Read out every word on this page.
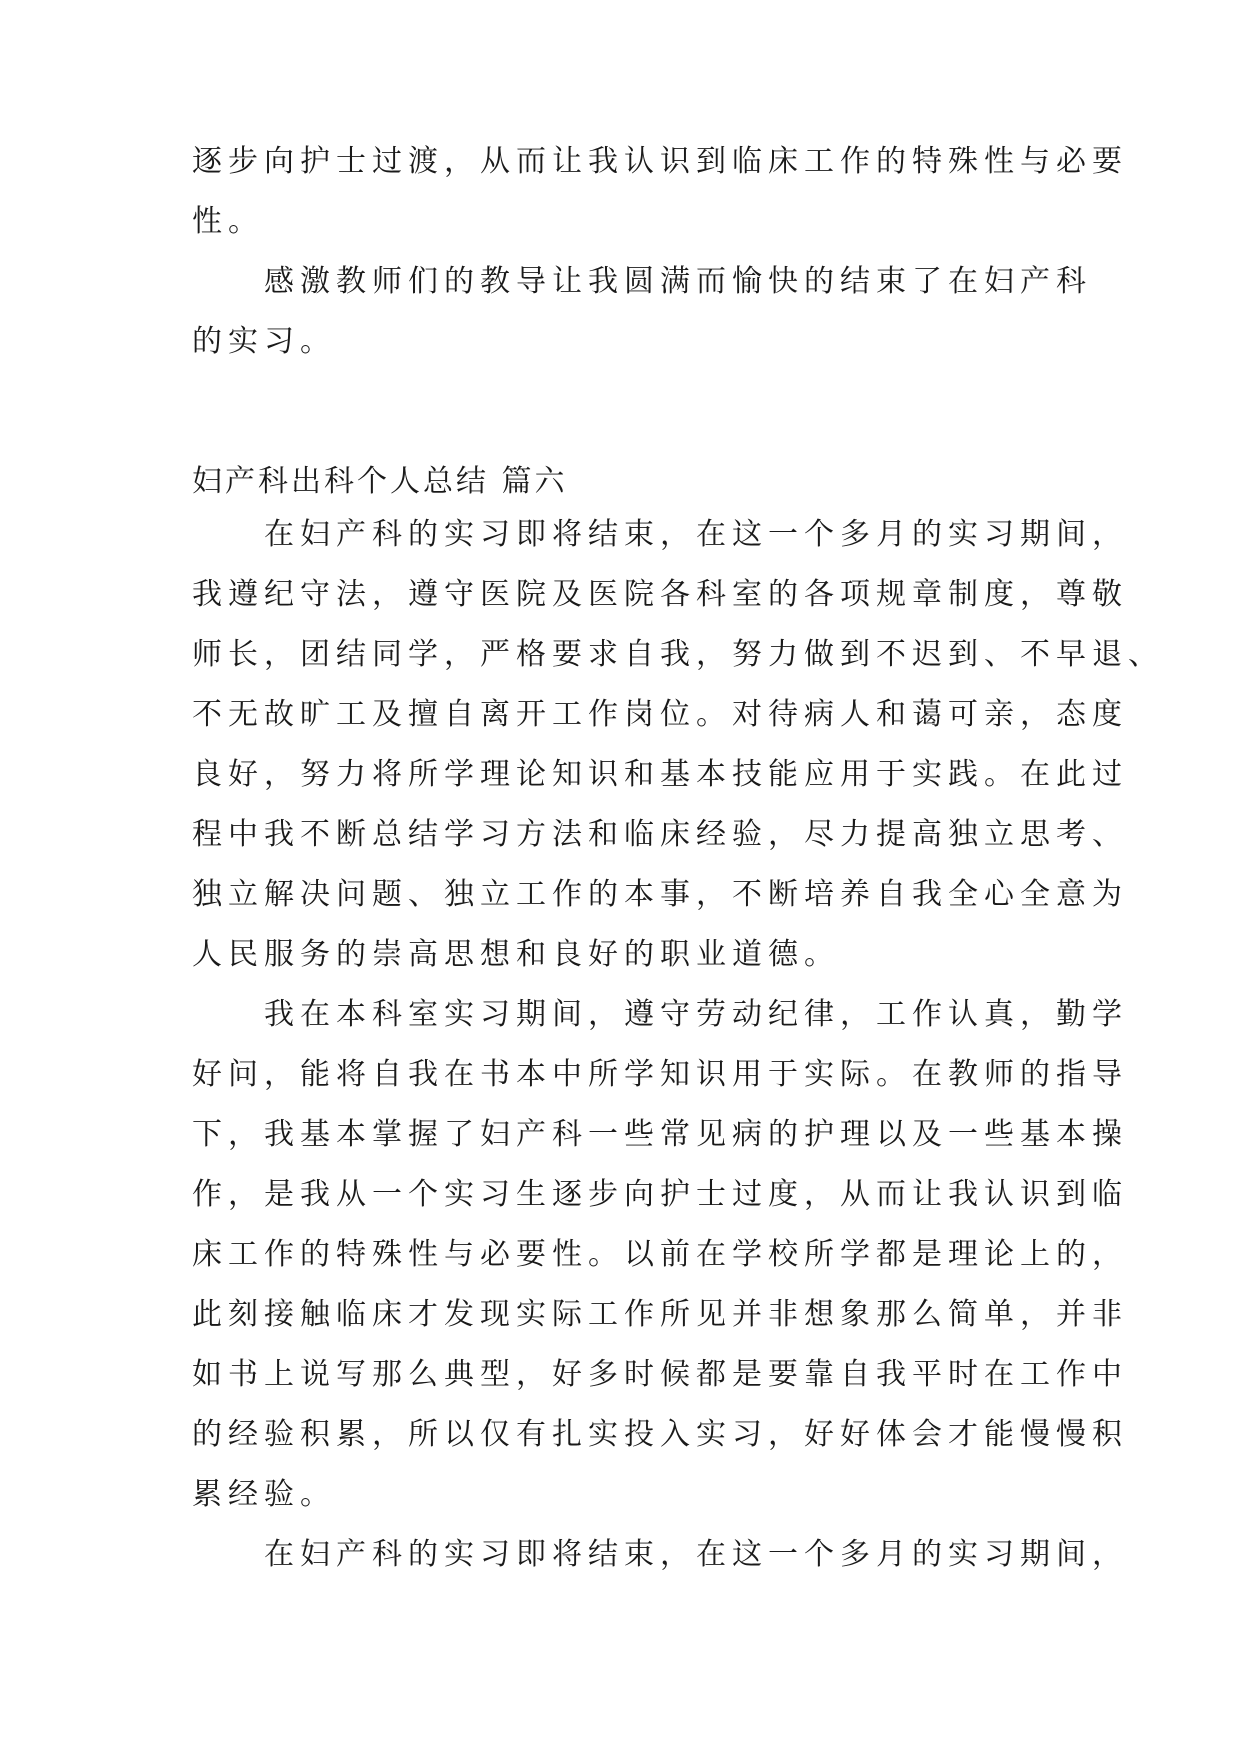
逐步向护士过渡，从而让我认识到临床工作的特殊性与必要
性。
　　感激教师们的教导让我圆满而愉快的结束了在妇产科
的实习。
妇产科出科个人总结 篇六
　　在妇产科的实习即将结束，在这一个多月的实习期间，
我遵纪守法，遵守医院及医院各科室的各项规章制度，尊敬
师长，团结同学，严格要求自我，努力做到不迟到、不早退、
不无故旷工及擅自离开工作岗位。对待病人和蔼可亲，态度
良好，努力将所学理论知识和基本技能应用于实践。在此过
程中我不断总结学习方法和临床经验，尽力提高独立思考、
独立解决问题、独立工作的本事，不断培养自我全心全意为
人民服务的崇高思想和良好的职业道德。
　　我在本科室实习期间，遵守劳动纪律，工作认真，勤学
好问，能将自我在书本中所学知识用于实际。在教师的指导
下，我基本掌握了妇产科一些常见病的护理以及一些基本操
作，是我从一个实习生逐步向护士过度，从而让我认识到临
床工作的特殊性与必要性。以前在学校所学都是理论上的，
此刻接触临床才发现实际工作所见并非想象那么简单，并非
如书上说写那么典型，好多时候都是要靠自我平时在工作中
的经验积累，所以仅有扎实投入实习，好好体会才能慢慢积
累经验。
　　在妇产科的实习即将结束，在这一个多月的实习期间，
